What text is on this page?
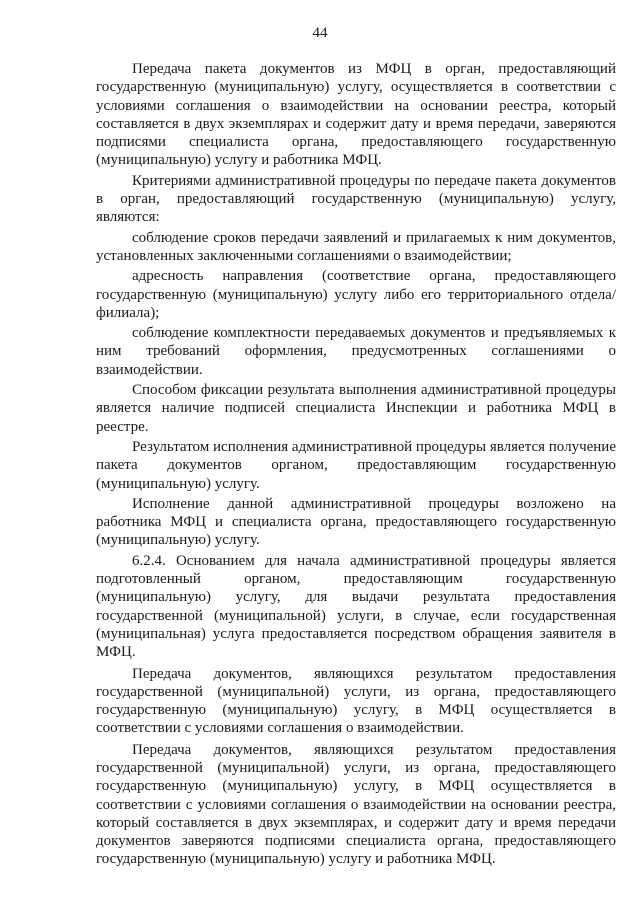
44

Передача пакета документов из МФЦ в орган, предоставляющий государственную (муниципальную) услугу, осуществляется в соответствии с условиями соглашения о взаимодействии на основании реестра, который составляется в двух экземплярах и содержит дату и время передачи, заверяются подписями специалиста органа, предоставляющего государственную (муниципальную) услугу и работника МФЦ.

Критериями административной процедуры по передаче пакета документов в орган, предоставляющий государственную (муниципальную) услугу, являются:

соблюдение сроков передачи заявлений и прилагаемых к ним документов, установленных заключенными соглашениями о взаимодействии;

адресность направления (соответствие органа, предоставляющего государственную (муниципальную) услугу либо его территориального отдела/филиала);

соблюдение комплектности передаваемых документов и предъявляемых к ним требований оформления, предусмотренных соглашениями о взаимодействии.

Способом фиксации результата выполнения административной процедуры является наличие подписей специалиста Инспекции и работника МФЦ в реестре.

Результатом исполнения административной процедуры является получение пакета документов органом, предоставляющим государственную (муниципальную) услугу.

Исполнение данной административной процедуры возложено на работника МФЦ и специалиста органа, предоставляющего государственную (муниципальную) услугу.

6.2.4. Основанием для начала административной процедуры является подготовленный органом, предоставляющим государственную (муниципальную) услугу, для выдачи результата предоставления государственной (муниципальной) услуги, в случае, если государственная (муниципальная) услуга предоставляется посредством обращения заявителя в МФЦ.

Передача документов, являющихся результатом предоставления государственной (муниципальной) услуги, из органа, предоставляющего государственную (муниципальную) услугу, в МФЦ осуществляется в соответствии с условиями соглашения о взаимодействии.

Передача документов, являющихся результатом предоставления государственной (муниципальной) услуги, из органа, предоставляющего государственную (муниципальную) услугу, в МФЦ осуществляется в соответствии с условиями соглашения о взаимодействии на основании реестра, который составляется в двух экземплярах, и содержит дату и время передачи документов заверяются подписями специалиста органа, предоставляющего государственную (муниципальную) услугу и работника МФЦ.
